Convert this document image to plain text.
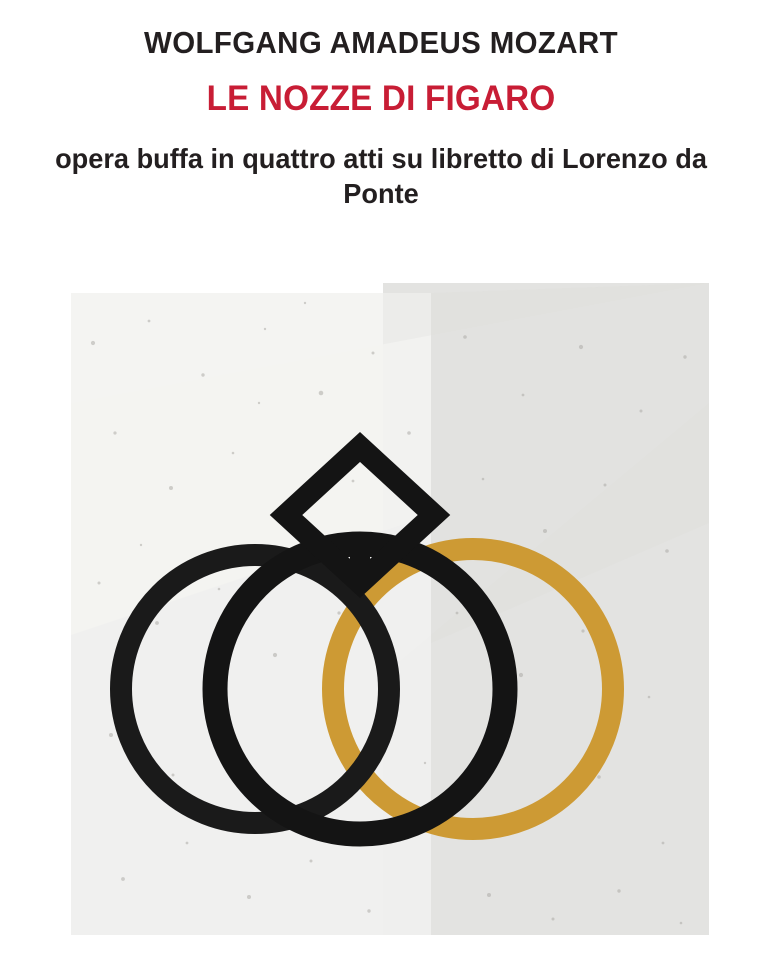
WOLFGANG AMADEUS MOZART
LE NOZZE DI FIGARO
opera buffa in quattro atti su libretto di Lorenzo da Ponte
